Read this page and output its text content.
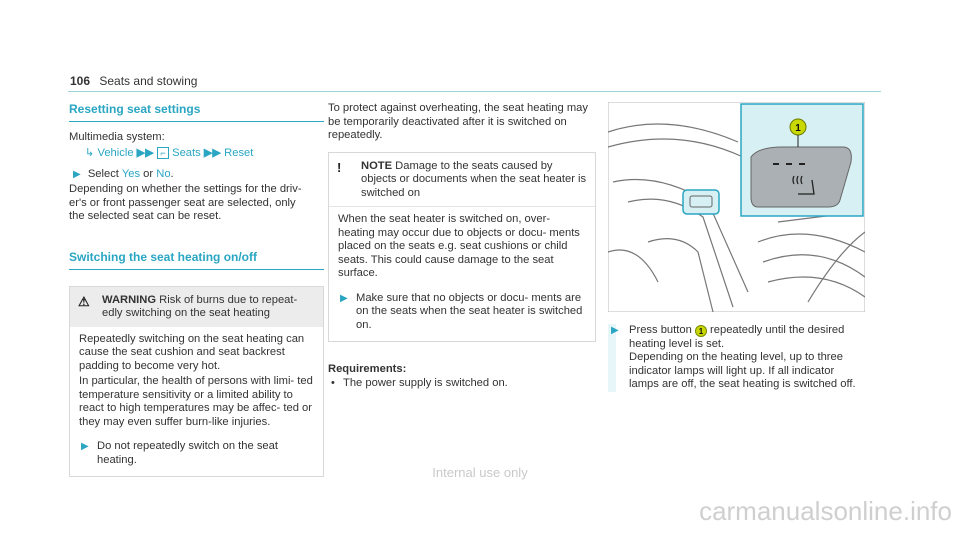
106 Seats and stowing
Resetting seat settings

Multimedia system:

↳ Vehicle ▶▶ ⌐ Seats ▶▶ Reset

▶ Select Yes or No.

Depending on whether the settings for the driv- er's or front passenger seat are selected, only the selected seat can be reset.

Switching the seat heating on/off
⚠	WARNING Risk of burns due to repeat- edly switching on the seat heating

Repeatedly switching on the seat heating can cause the seat cushion and seat backrest padding to become very hot.

In particular, the health of persons with limi- ted temperature sensitivity or a limited ability to react to high temperatures may be affec- ted or they may even suffer burn-like injuries.

▶ Do not repeatedly switch on the seat heating.

To protect against overheating, the seat heating may be temporarily deactivated after it is switched on repeatedly.

!	NOTE Damage to the seats caused by objects or documents when the seat heater is switched on

When the seat heater is switched on, over- heating may occur due to objects or docu- ments placed on the seats e.g. seat cushions or child seats. This could cause damage to the seat surface.

▶ Make sure that no objects or docu- ments are on the seats when the seat heater is switched on.

Requirements:

• The power supply is switched on.

1
▶ Press button 1 repeatedly until the desired heating level is set.

Depending on the heating level, up to three indicator lamps will light up. If all indicator lamps are off, the seat heating is switched off.

Internal use only
carmanualsonline.info
